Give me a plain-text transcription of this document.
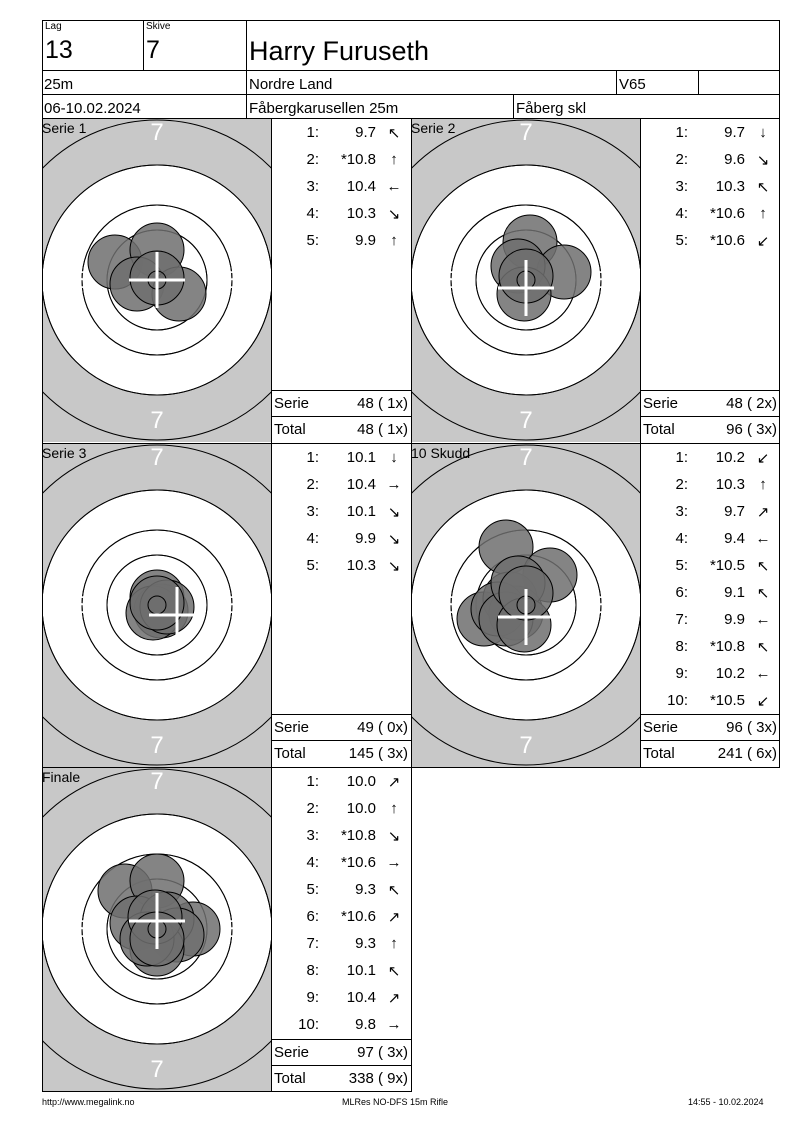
Lag
13
Skive
7	Harry Furuseth
25m	Nordre Land	V65
06-10.02.2024	Fåbergkarusellen 25m	Fåberg skl
7
7
8
8
8	8
Serie 1	1:	9.7 ↖
2:	*10.8 ↑
3:	10.4 ←
4:	10.3 ↘
5:	9.9 ↑
Serie	48 ( 1x)
Total	48 ( 1x)
7
7
8
8
8	8
Serie 2	1:	9.7 ↓
2:	9.6 ↘
3:	10.3 ↖
4:	*10.6 ↑
5:	*10.6 ↙
Serie	48 ( 2x)
Total	96 ( 3x)
7
7
8
8
8	8
Serie 3	1:	10.1 ↓
2:	10.4 →
3:	10.1 ↘
4:	9.9 ↘
5:	10.3 ↘
Serie	49 ( 0x)
Total	145 ( 3x)
7
7
8
8
8	8
10 Skudd	1:	10.2 ↙
2:	10.3 ↑
3:	9.7 ↗
4:	9.4 ←
5:	*10.5 ↖
6:	9.1 ↖
7:	9.9 ←
8:	*10.8 ↖
9:	10.2 ←
10:	*10.5 ↙
Serie	96 ( 3x)
Total	241 ( 6x)
7
7
8
8
8	8
Finale	1:	10.0 ↗
2:	10.0 ↑
3:	*10.8 ↘
4:	*10.6 →
5:	9.3 ↖
6:	*10.6 ↗
7:	9.3 ↑
8:	10.1 ↖
9:	10.4 ↗
10:	9.8 →
Serie	97 ( 3x)
Total	338 ( 9x)
http://www.megalink.no	MLRes NO-DFS 15m Rifle	14:55 - 10.02.2024
